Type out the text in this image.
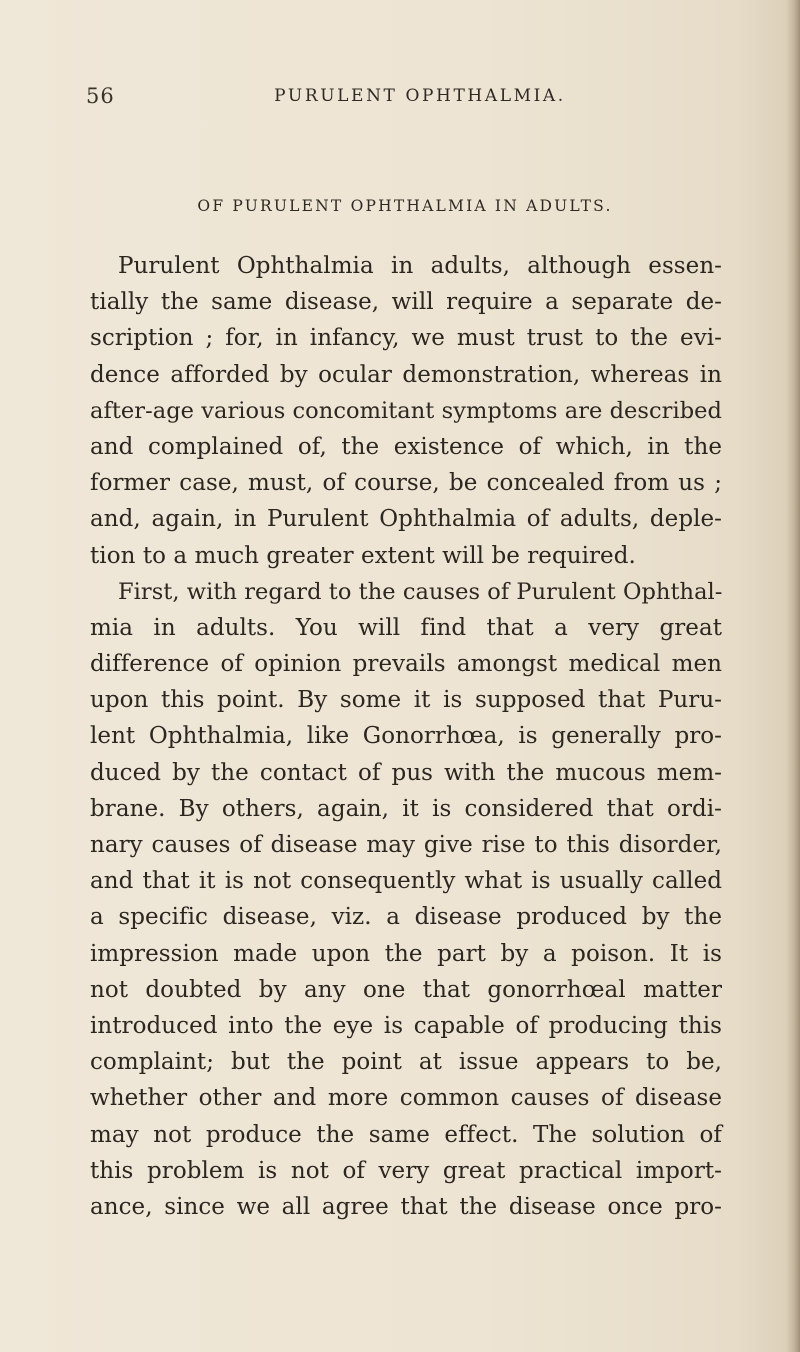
56	PURULENT OPHTHALMIA.
OF PURULENT OPHTHALMIA IN ADULTS.
Purulent Ophthalmia in adults, although essen-
tially the same disease, will require a separate de-
scription ; for, in infancy, we must trust to the evi-
dence afforded by ocular demonstration, whereas in
after-age various concomitant symptoms are described
and complained of, the existence of which, in the
former case, must, of course, be concealed from us ;
and, again, in Purulent Ophthalmia of adults, deple-
tion to a much greater extent will be required.
First, with regard to the causes of Purulent Ophthal-
mia in adults. You will find that a very great
difference of opinion prevails amongst medical men
upon this point. By some it is supposed that Puru-
lent Ophthalmia, like Gonorrhœa, is generally pro-
duced by the contact of pus with the mucous mem-
brane. By others, again, it is considered that ordi-
nary causes of disease may give rise to this disorder,
and that it is not consequently what is usually called
a specific disease, viz. a disease produced by the
impression made upon the part by a poison. It is
not doubted by any one that gonorrhœal matter
introduced into the eye is capable of producing this
complaint; but the point at issue appears to be,
whether other and more common causes of disease
may not produce the same effect. The solution of
this problem is not of very great practical import-
ance, since we all agree that the disease once pro-
